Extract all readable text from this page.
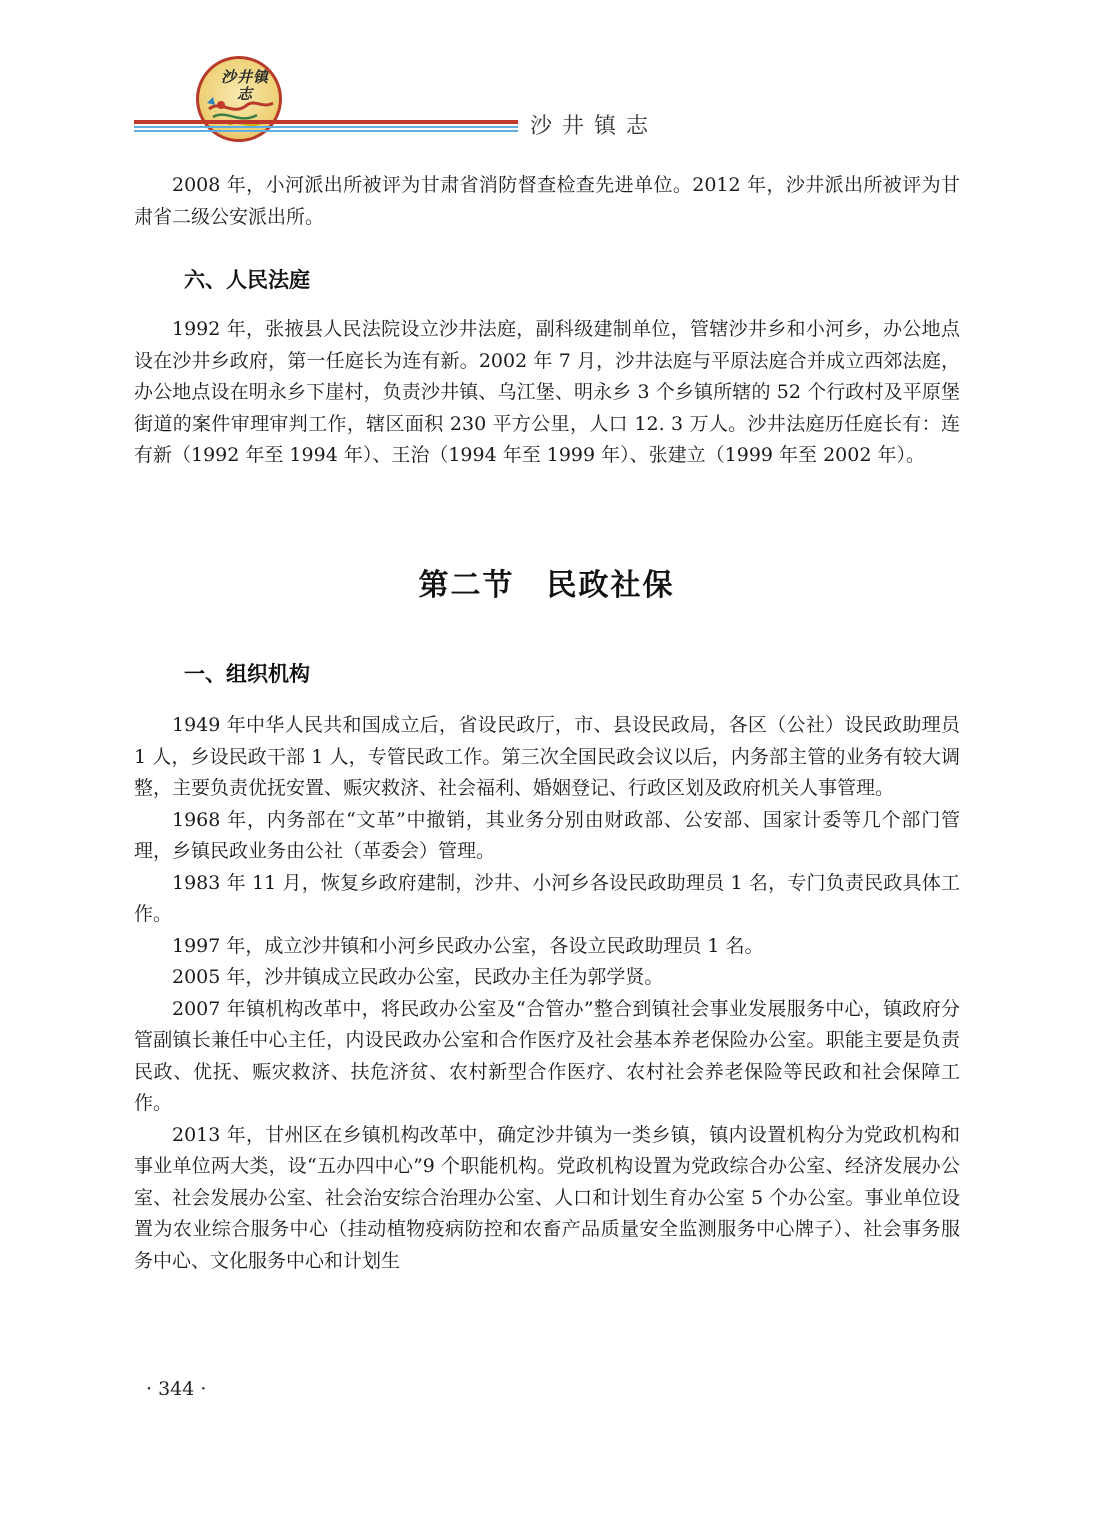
沙井镇志
沙井镇志

2008 年，小河派出所被评为甘肃省消防督查检查先进单位。2012 年，沙井派出所被评为甘肃省二级公安派出所。

六、人民法庭

1992 年，张掖县人民法院设立沙井法庭，副科级建制单位，管辖沙井乡和小河乡，办公地点设在沙井乡政府，第一任庭长为连有新。2002 年 7 月，沙井法庭与平原法庭合并成立西郊法庭，办公地点设在明永乡下崖村，负责沙井镇、乌江堡、明永乡 3 个乡镇所辖的 52 个行政村及平原堡街道的案件审理审判工作，辖区面积 230 平方公里，人口 12. 3 万人。沙井法庭历任庭长有：连有新（1992 年至 1994 年）、王治（1994 年至 1999 年）、张建立（1999 年至 2002 年）。

第二节　民政社保
一、组织机构

1949 年中华人民共和国成立后，省设民政厅，市、县设民政局，各区（公社）设民政助理员 1 人，乡设民政干部 1 人，专管民政工作。第三次全国民政会议以后，内务部主管的业务有较大调整，主要负责优抚安置、赈灾救济、社会福利、婚姻登记、行政区划及政府机关人事管理。

1968 年，内务部在“文革”中撤销，其业务分别由财政部、公安部、国家计委等几个部门管理，乡镇民政业务由公社（革委会）管理。

1983 年 11 月，恢复乡政府建制，沙井、小河乡各设民政助理员 1 名，专门负责民政具体工作。

1997 年，成立沙井镇和小河乡民政办公室，各设立民政助理员 1 名。

2005 年，沙井镇成立民政办公室，民政办主任为郭学贤。

2007 年镇机构改革中，将民政办公室及“合管办”整合到镇社会事业发展服务中心，镇政府分管副镇长兼任中心主任，内设民政办公室和合作医疗及社会基本养老保险办公室。职能主要是负责民政、优抚、赈灾救济、扶危济贫、农村新型合作医疗、农村社会养老保险等民政和社会保障工作。

2013 年，甘州区在乡镇机构改革中，确定沙井镇为一类乡镇，镇内设置机构分为党政机构和事业单位两大类，设“五办四中心”9 个职能机构。党政机构设置为党政综合办公室、经济发展办公室、社会发展办公室、社会治安综合治理办公室、人口和计划生育办公室 5 个办公室。事业单位设置为农业综合服务中心（挂动植物疫病防控和农畜产品质量安全监测服务中心牌子）、社会事务服务中心、文化服务中心和计划生

· 344 ·
